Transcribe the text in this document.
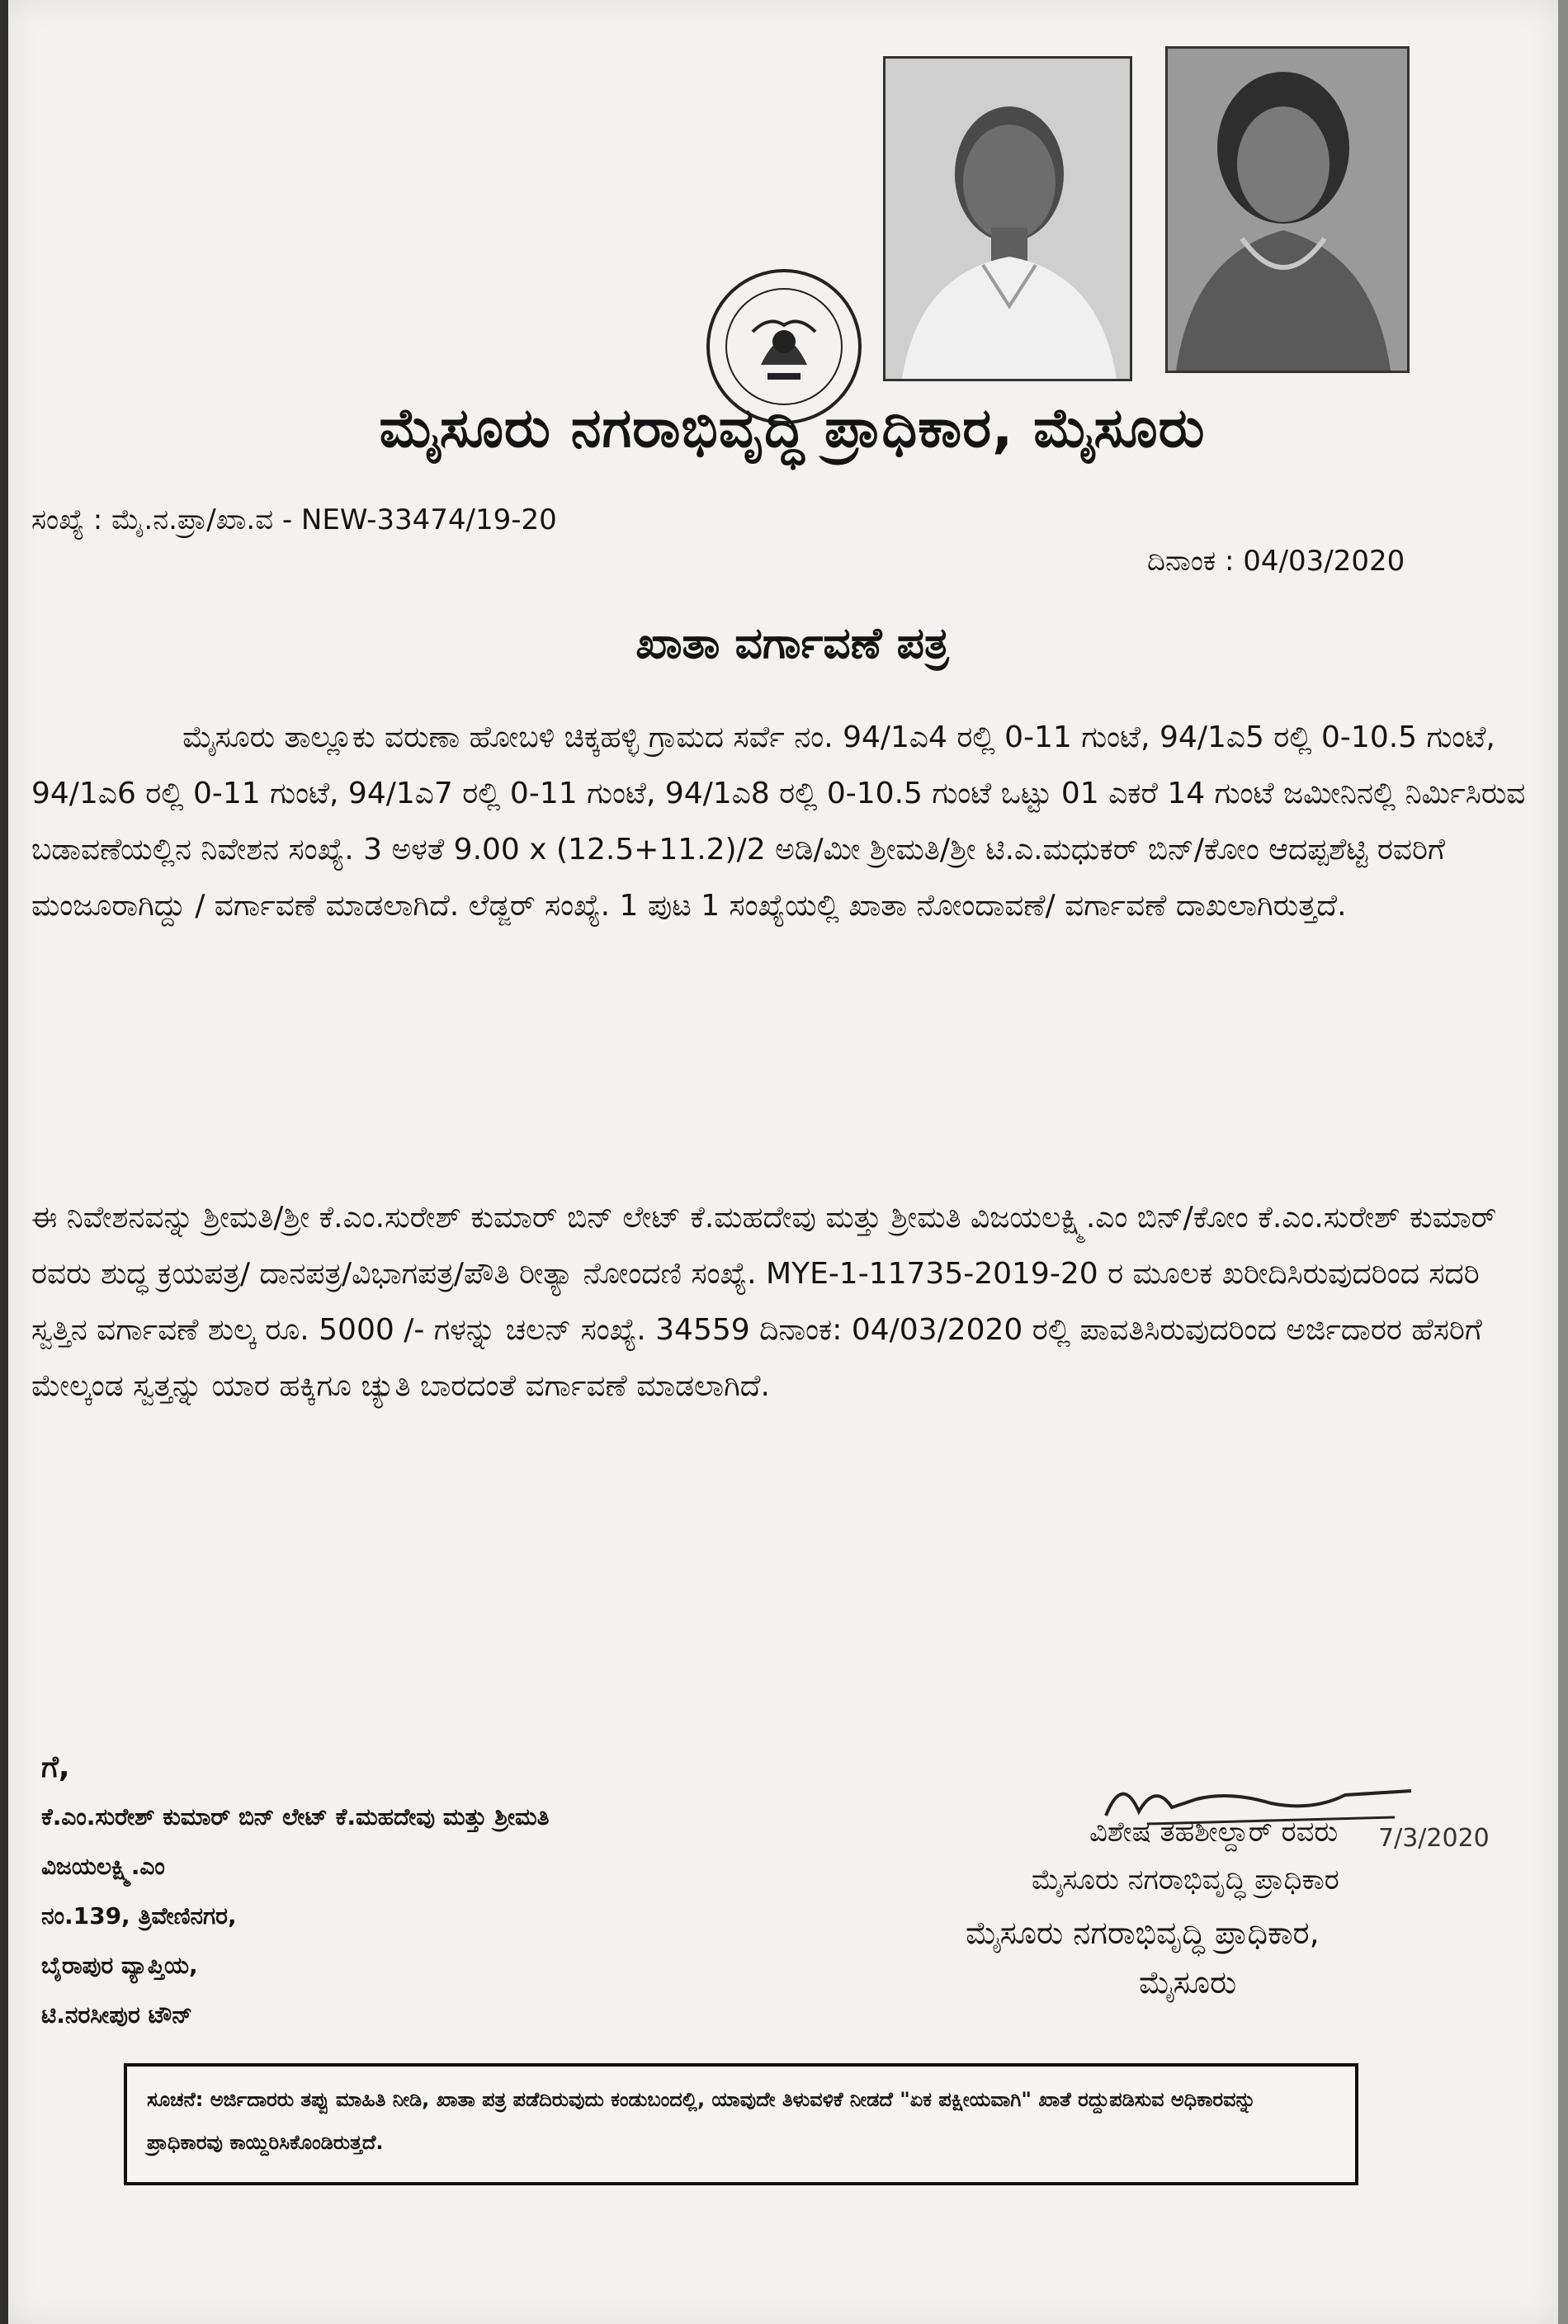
ಮೈಸೂರು ನಗರಾಭಿವೃದ್ಧಿ ಪ್ರಾಧಿಕಾರ, ಮೈಸೂರು
ಸಂಖ್ಯೆ : ಮೈ.ನ.ಪ್ರಾ/ಖಾ.ವ - NEW-33474/19-20
ದಿನಾಂಕ : 04/03/2020
ಖಾತಾ ವರ್ಗಾವಣೆ ಪತ್ರ
ಮೈಸೂರು ತಾಲ್ಲೂಕು ವರುಣಾ ಹೋಬಳಿ ಚಿಕ್ಕಹಳ್ಳಿ ಗ್ರಾಮದ ಸರ್ವೆ ನಂ. 94/1ಎ4 ರಲ್ಲಿ 0-11 ಗುಂಟೆ, 94/1ಎ5 ರಲ್ಲಿ 0-10.5 ಗುಂಟೆ, 94/1ಎ6 ರಲ್ಲಿ 0-11 ಗುಂಟೆ, 94/1ಎ7 ರಲ್ಲಿ 0-11 ಗುಂಟೆ, 94/1ಎ8 ರಲ್ಲಿ 0-10.5 ಗುಂಟೆ ಒಟ್ಟು 01 ಎಕರೆ 14 ಗುಂಟೆ ಜಮೀನಿನಲ್ಲಿ ನಿರ್ಮಿಸಿರುವ ಬಡಾವಣೆಯಲ್ಲಿನ ನಿವೇಶನ ಸಂಖ್ಯೆ. 3 ಅಳತೆ 9.00 x (12.5+11.2)/2 ಅಡಿ/ಮೀ ಶ್ರೀಮತಿ/ಶ್ರೀ ಟಿ.ಎ.ಮಧುಕರ್ ಬಿನ್/ಕೋಂ ಆದಪ್ಪಶೆಟ್ಟಿ ರವರಿಗೆ ಮಂಜೂರಾಗಿದ್ದು / ವರ್ಗಾವಣೆ ಮಾಡಲಾಗಿದೆ. ಲೆಡ್ಜರ್ ಸಂಖ್ಯೆ. 1 ಪುಟ 1 ಸಂಖ್ಯೆಯಲ್ಲಿ ಖಾತಾ ನೋಂದಾವಣೆ/ ವರ್ಗಾವಣೆ ದಾಖಲಾಗಿರುತ್ತದೆ.
ಈ ನಿವೇಶನವನ್ನು ಶ್ರೀಮತಿ/ಶ್ರೀ ಕೆ.ಎಂ.ಸುರೇಶ್ ಕುಮಾರ್ ಬಿನ್ ಲೇಟ್ ಕೆ.ಮಹದೇವು ಮತ್ತು ಶ್ರೀಮತಿ ವಿಜಯಲಕ್ಷ್ಮಿ.ಎಂ ಬಿನ್/ಕೋಂ ಕೆ.ಎಂ.ಸುರೇಶ್ ಕುಮಾರ್ ರವರು ಶುದ್ಧ ಕ್ರಯಪತ್ರ/ ದಾನಪತ್ರ/ವಿಭಾಗಪತ್ರ/ಪೌತಿ ರೀತ್ಯಾ ನೋಂದಣಿ ಸಂಖ್ಯೆ. MYE-1-11735-2019-20 ರ ಮೂಲಕ ಖರೀದಿಸಿರುವುದರಿಂದ ಸದರಿ ಸ್ವತ್ತಿನ ವರ್ಗಾವಣೆ ಶುಲ್ಕ ರೂ. 5000 /- ಗಳನ್ನು ಚಲನ್ ಸಂಖ್ಯೆ. 34559 ದಿನಾಂಕ: 04/03/2020 ರಲ್ಲಿ ಪಾವತಿಸಿರುವುದರಿಂದ ಅರ್ಜಿದಾರರ ಹೆಸರಿಗೆ ಮೇಲ್ಕಂಡ ಸ್ವತ್ತನ್ನು ಯಾರ ಹಕ್ಕಿಗೂ ಚ್ಯುತಿ ಬಾರದಂತೆ ವರ್ಗಾವಣೆ ಮಾಡಲಾಗಿದೆ.
ಗೆ,
ಕೆ.ಎಂ.ಸುರೇಶ್ ಕುಮಾರ್ ಬಿನ್ ಲೇಟ್ ಕೆ.ಮಹದೇವು ಮತ್ತು ಶ್ರೀಮತಿ
ವಿಜಯಲಕ್ಷ್ಮಿ.ಎಂ
ನಂ.139, ತ್ರಿವೇಣಿನಗರ,
ಬೈರಾಪುರ ವ್ಯಾಪ್ತಿಯ,
ಟಿ.ನರಸೀಪುರ ಟೌನ್
ವಿಶೇಷ ತಹಶೀಲ್ದಾರ್ ರವರು
ಮೈಸೂರು ನಗರಾಭಿವೃದ್ಧಿ ಪ್ರಾಧಿಕಾರ
ಮೈಸೂರು ನಗರಾಭಿವೃದ್ಧಿ ಪ್ರಾಧಿಕಾರ,
ಮೈಸೂರು
7/3/2020
ಸೂಚನೆ: ಅರ್ಜಿದಾರರು ತಪ್ಪು ಮಾಹಿತಿ ನೀಡಿ, ಖಾತಾ ಪತ್ರ ಪಡೆದಿರುವುದು ಕಂಡುಬಂದಲ್ಲಿ, ಯಾವುದೇ ತಿಳುವಳಿಕೆ ನೀಡದೆ "ಏಕ ಪಕ್ಷೀಯವಾಗಿ" ಖಾತೆ ರದ್ದುಪಡಿಸುವ ಅಧಿಕಾರವನ್ನು ಪ್ರಾಧಿಕಾರವು ಕಾಯ್ದಿರಿಸಿಕೊಂಡಿರುತ್ತದೆ.
